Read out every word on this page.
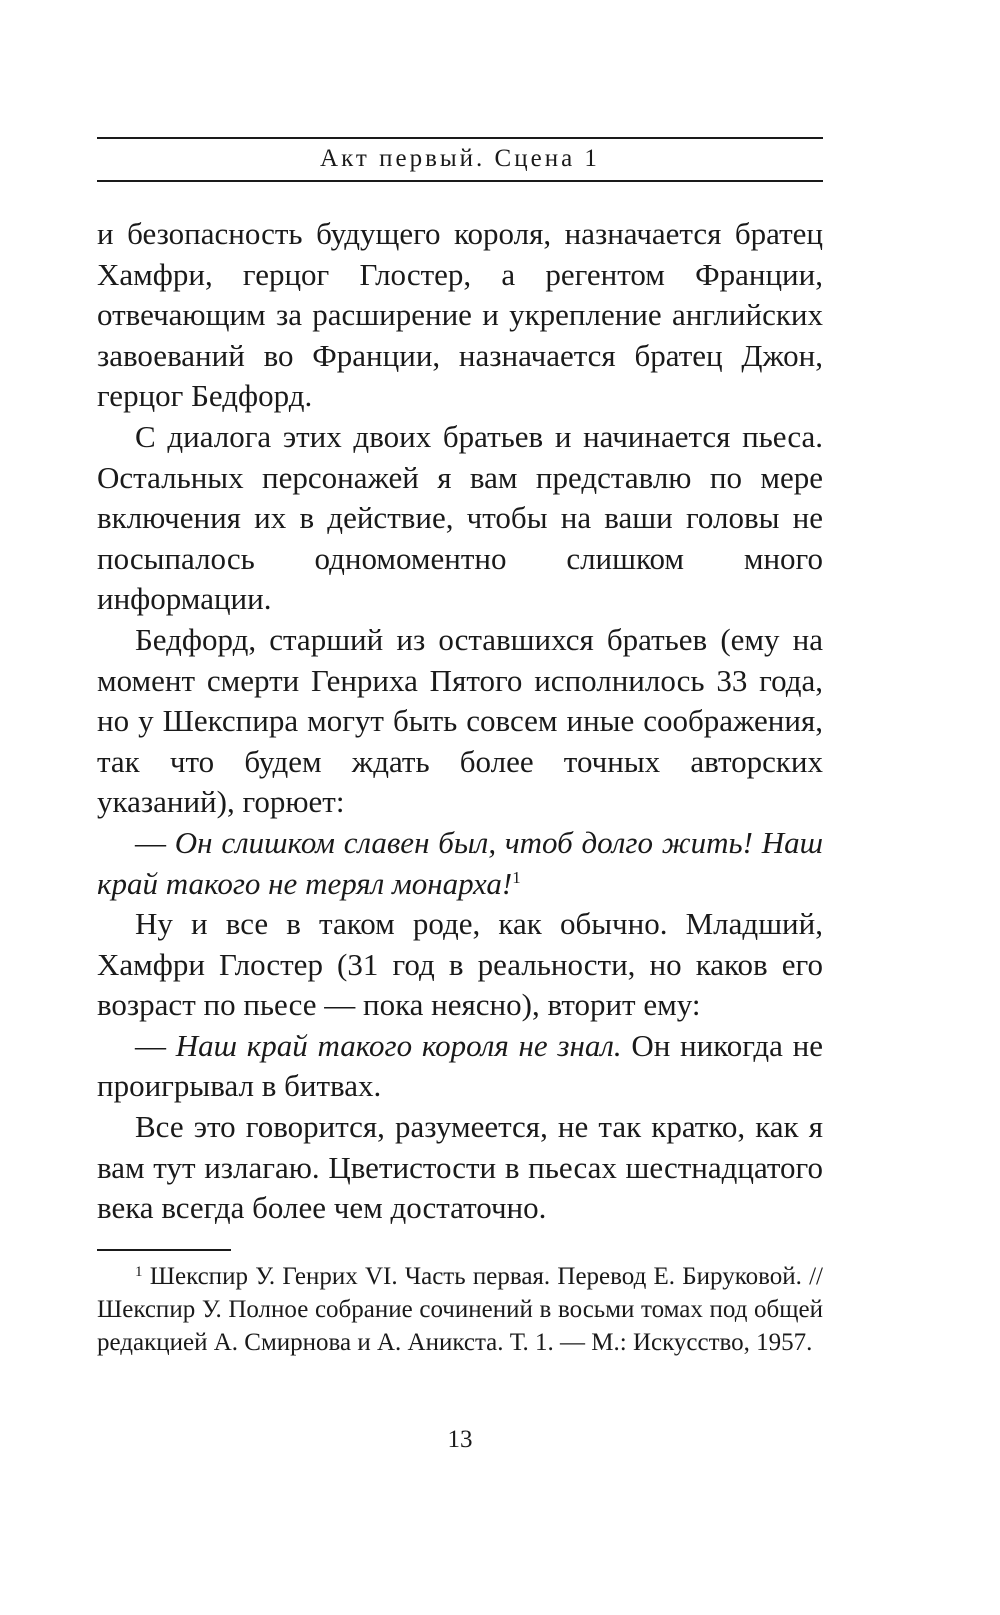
Акт первый. Сцена 1

и безопасность будущего короля, назначается братец Хамфри, герцог Глостер, а регентом Франции, отвечающим за расширение и укрепление английских завоеваний во Франции, назначается братец Джон, герцог Бедфорд.

С диалога этих двоих братьев и начинается пьеса. Остальных персонажей я вам представлю по мере включения их в действие, чтобы на ваши головы не посыпалось одномоментно слишком много информации.

Бедфорд, старший из оставшихся братьев (ему на момент смерти Генриха Пятого исполнилось 33 года, но у Шекспира могут быть совсем иные соображения, так что будем ждать более точных авторских указаний), горюет:

— Он слишком славен был, чтоб долго жить! Наш край такого не терял монарха!$^1$

Ну и все в таком роде, как обычно. Младший, Хамфри Глостер (31 год в реальности, но каков его возраст по пьесе — пока неясно), вторит ему:

— Наш край такого короля не знал. Он никогда не проигрывал в битвах.

Все это говорится, разумеется, не так кратко, как я вам тут излагаю. Цветистости в пьесах шестнадцатого века всегда более чем достаточно.

$^1$ Шекспир У. Генрих VI. Часть первая. Перевод Е. Бируковой. // Шекспир У. Полное собрание сочинений в восьми томах под общей редакцией А. Смирнова и А. Аникста. Т. 1. — М.: Искусство, 1957.

13
